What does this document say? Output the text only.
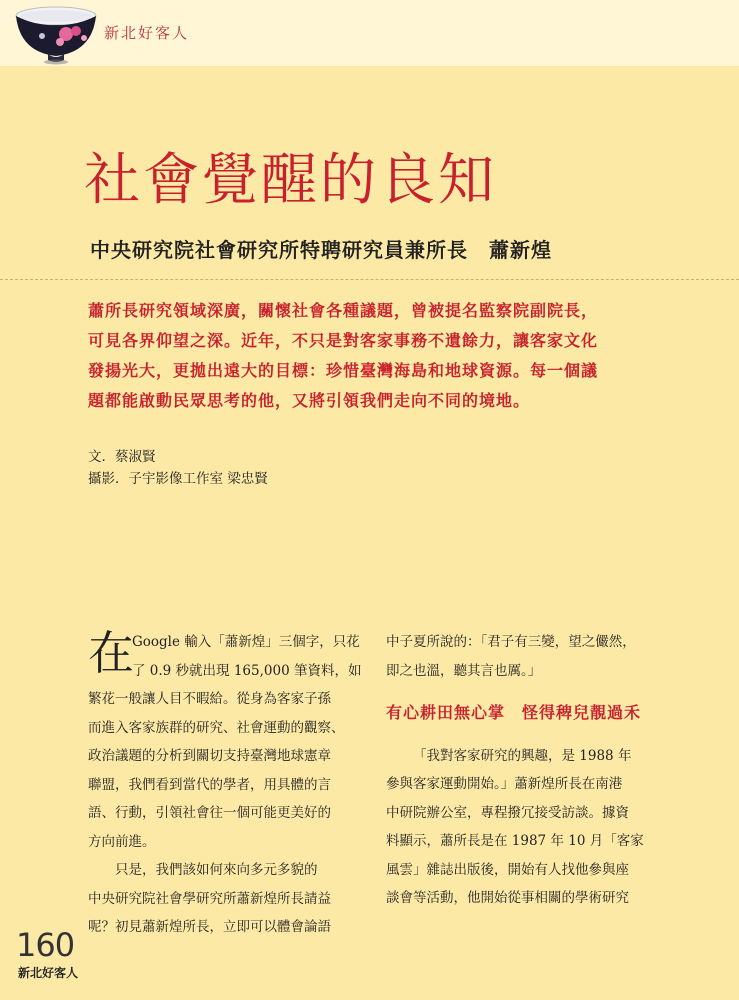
新北好客人
社會覺醒的良知
中央研究院社會研究所特聘研究員兼所長　蕭新煌

蕭所長研究領域深廣，關懷社會各種議題，曾被提名監察院副院長，

可見各界仰望之深。近年，不只是對客家事務不遺餘力，讓客家文化

發揚光大，更拋出遠大的目標：珍惜臺灣海島和地球資源。每一個議

題都能啟動民眾思考的他，又將引領我們走向不同的境地。

文．蔡淑賢

攝影．子宇影像工作室 梁忠賢

在

Google 輸入「蕭新煌」三個字，只花

了 0.9 秒就出現 165,000 筆資料，如

繁花一般讓人目不暇給。從身為客家子孫

而進入客家族群的研究、社會運動的觀察、

政治議題的分析到關切支持臺灣地球憲章

聯盟，我們看到當代的學者，用具體的言

語、行動，引領社會往一個可能更美好的

方向前進。

只是，我們該如何來向多元多貌的

中央研究院社會學研究所蕭新煌所長請益

呢？初見蕭新煌所長，立即可以體會論語

中子夏所說的：「君子有三變，望之儼然，

即之也溫，聽其言也厲。」

有心耕田無心掌　怪得稗兒靚過禾

「我對客家研究的興趣，是 1988 年

參與客家運動開始。」蕭新煌所長在南港

中研院辦公室，專程撥冗接受訪談。據資

料顯示，蕭所長是在 1987 年 10 月「客家

風雲」雜誌出版後，開始有人找他參與座

談會等活動，他開始從事相關的學術研究

160
新北好客人
